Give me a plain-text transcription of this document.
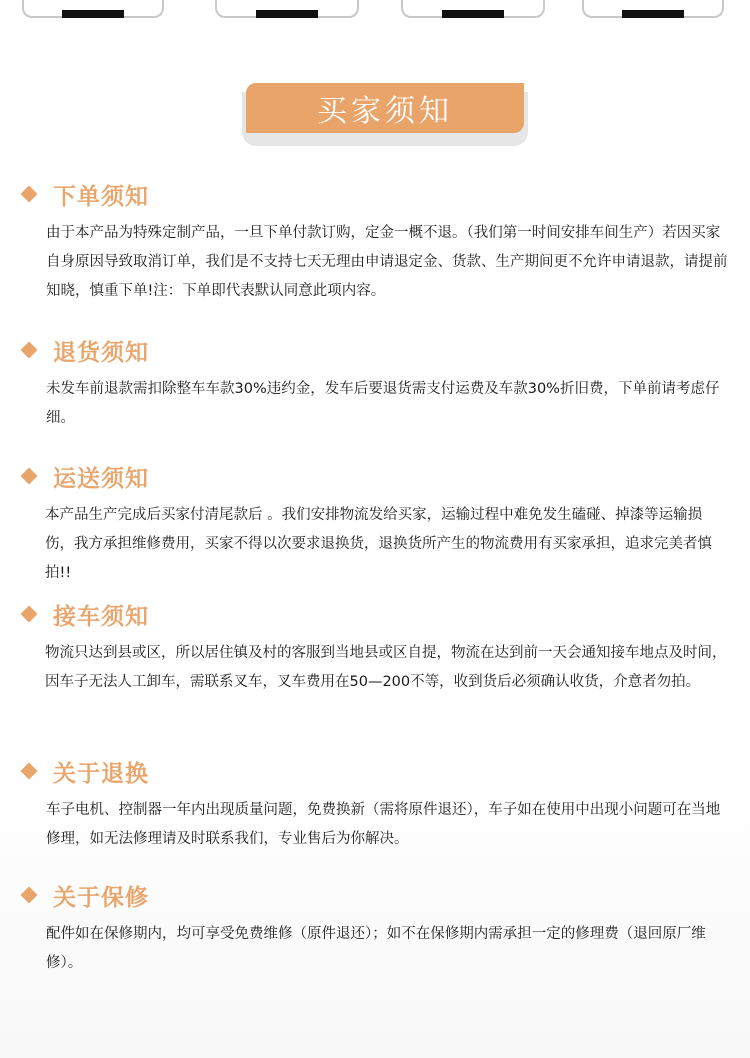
买家须知
下单须知
由于本产品为特殊定制产品，一旦下单付款订购，定金一概不退。（我们第一时间安排车间生产）若因买家自身原因导致取消订单，我们是不支持七天无理由申请退定金、货款、生产期间更不允许申请退款，请提前知晓，慎重下单!注：下单即代表默认同意此项内容。
退货须知
未发车前退款需扣除整车车款30%违约金，发车后要退货需支付运费及车款30%折旧费，下单前请考虑仔细。
运送须知
本产品生产完成后买家付清尾款后 。我们安排物流发给买家，运输过程中难免发生磕碰、掉漆等运输损伤，我方承担维修费用，买家不得以次要求退换货，退换货所产生的物流费用有买家承担，追求完美者慎拍!!
接车须知
物流只达到县或区，所以居住镇及村的客服到当地县或区自提，物流在达到前一天会通知接车地点及时间，因车子无法人工卸车，需联系叉车，叉车费用在50—200不等，收到货后必须确认收货，介意者勿拍。
关于退换
车子电机、控制器一年内出现质量问题，免费换新（需将原件退还），车子如在使用中出现小问题可在当地修理，如无法修理请及时联系我们，专业售后为你解决。
关于保修
配件如在保修期内，均可享受免费维修（原件退还）；如不在保修期内需承担一定的修理费（退回原厂维修）。
